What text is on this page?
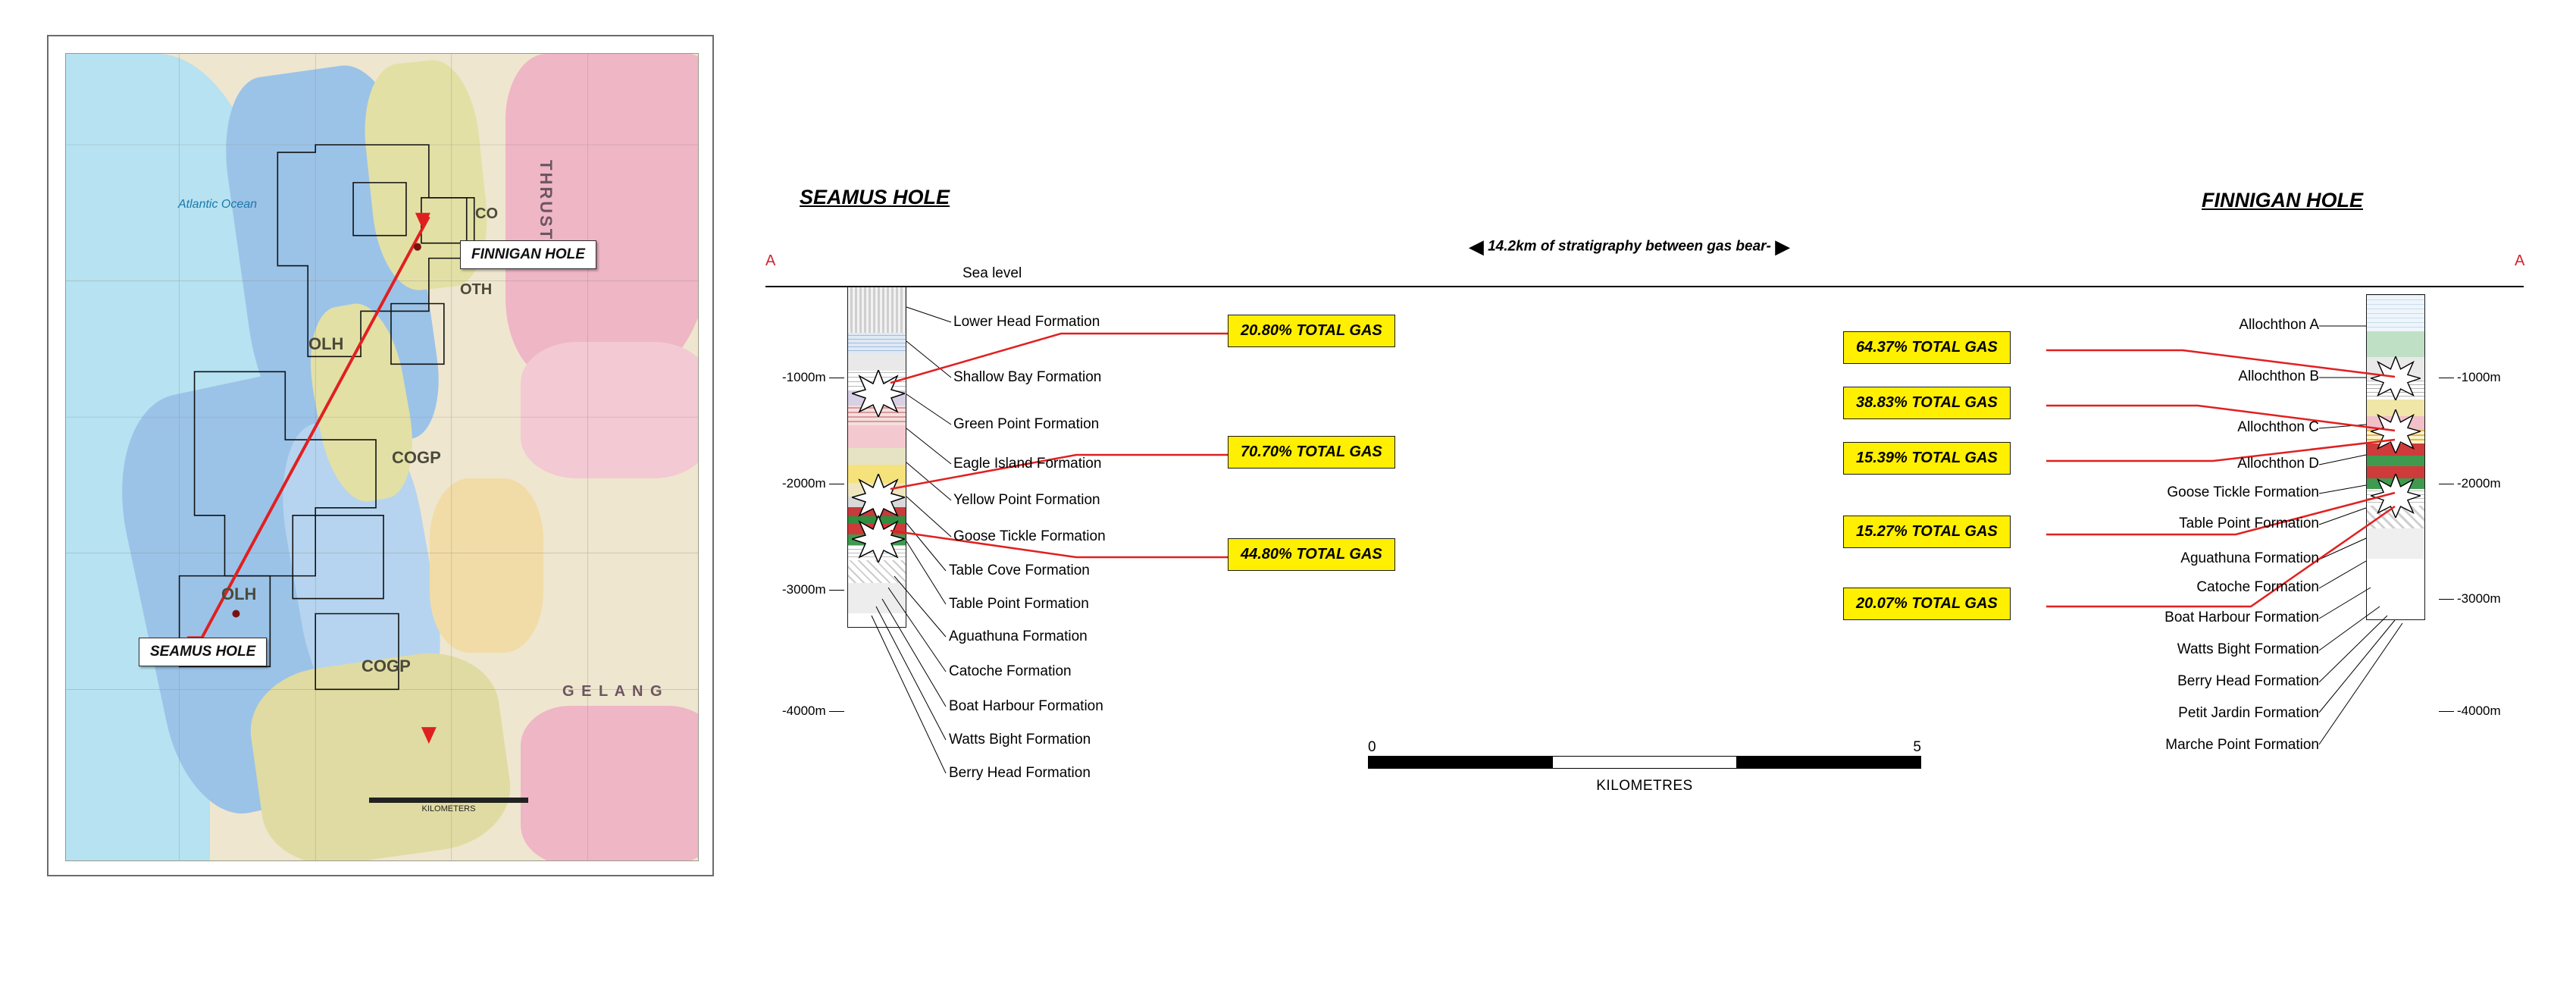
Atlantic Ocean
FINNIGAN HOLE
SEAMUS HOLE
OLH
COGP
OTH
CO
OLH
COGP
THRUST
G E L A N G
KILOMETERS
SEAMUS HOLE	FINNIGAN HOLE
Sea level
A	A
◀ 14.2km of stratigraphy between gas bear- ▶
-1000m
-2000m
-3000m
-4000m
-1000m
-2000m
-3000m
-4000m
Lower Head Formation
Shallow Bay Formation
Green Point Formation
Eagle Island Formation
Yellow Point Formation
Goose Tickle Formation
Table Cove Formation
Table Point Formation
Aguathuna Formation
Catoche Formation
Boat Harbour Formation
Watts Bight Formation
Berry Head Formation
Allochthon A
Allochthon B
Allochthon C
Allochthon D
Goose Tickle Formation
Table Point Formation
Aguathuna Formation
Catoche Formation
Boat Harbour Formation
Watts Bight Formation
Berry Head Formation
Petit Jardin Formation
Marche Point Formation
20.80% TOTAL GAS
70.70% TOTAL GAS
44.80% TOTAL GAS
64.37% TOTAL GAS
38.83% TOTAL GAS
15.39% TOTAL GAS
15.27% TOTAL GAS
20.07% TOTAL GAS
0	5
KILOMETRES
